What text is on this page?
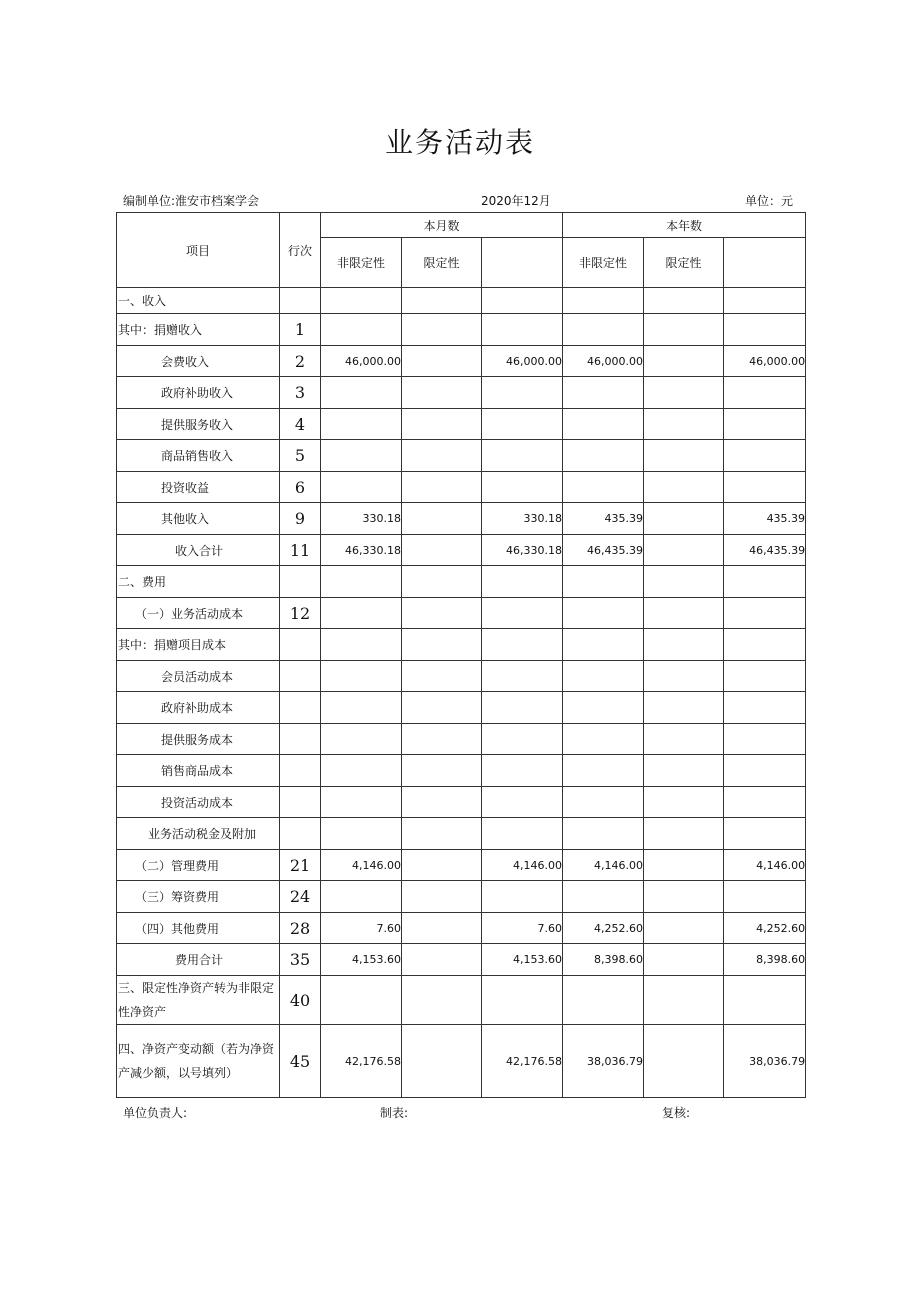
业务活动表
编制单位:淮安市档案学会	2020年12月	单位：元
项目	行次	本月数			本年数		
		非限定性	限定性		非限定性	限定性	
一、收入							
其中：捐赠收入	1						
会费收入	2	46,000.00		46,000.00	46,000.00		46,000.00
政府补助收入	3						
提供服务收入	4						
商品销售收入	5						
投资收益	6						
其他收入	9	330.18		330.18	435.39		435.39
收入合计	11	46,330.18		46,330.18	46,435.39		46,435.39
二、费用							
（一）业务活动成本	12						
其中：捐赠项目成本							
会员活动成本							
政府补助成本							
提供服务成本							
销售商品成本							
投资活动成本							
业务活动税金及附加							
（二）管理费用	21	4,146.00		4,146.00	4,146.00		4,146.00
（三）筹资费用	24						
（四）其他费用	28	7.60		7.60	4,252.60		4,252.60
费用合计	35	4,153.60		4,153.60	8,398.60		8,398.60
三、限定性净资产转为非限定性净资产	40						
四、净资产变动额（若为净资产减少额，以号填列）	45	42,176.58		42,176.58	38,036.79		38,036.79
单位负责人:	制表:	复核:
